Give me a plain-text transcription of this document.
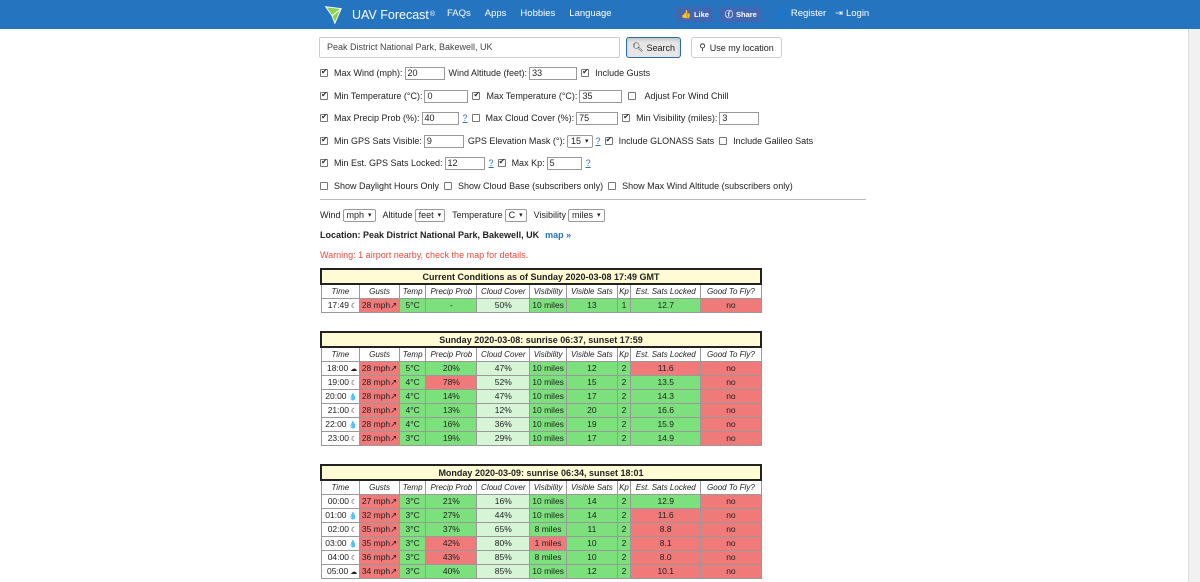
UAV Forecast ® FAQs Apps Hobbies Language	👍 Like ⓕ Share 👤 Register ⇥ Login
Peak District National Park, Bakewell, UK	🔍︎ Search	⚲ Use my location
✔
Max Wind (mph): 20	Wind Altitude (feet): 33 ✔	Include Gusts
✔
Min Temperature (°C): 0 ✔	Max Temperature (°C): 35	Adjust For Wind Chill
✔
Max Precip Prob (%): 40	? Max Cloud Cover (%): 75 ✔	Min Visibility (miles): 3
✔
Min GPS Sats Visible: 9	GPS Elevation Mask (°): 15 ▾	? ✔ Include GLONASS Sats Include Galileo Sats
✔
Min Est. GPS Sats Locked: 12	? ✔ Max Kp: 5	?
Show Daylight Hours Only Show Cloud Base (subscribers only) Show Max Wind Altitude (subscribers only)
Wind mph ▾	Altitude feet ▾	Temperature C ▾	Visibility miles ▾
Location: Peak District National Park, Bakewell, UK map »
Warning: 1 airport nearby, check the map for details.
Current Conditions as of Sunday 2020-03-08 17:49 GMT									
Time	Gusts	Temp	Precip Prob	Cloud Cover	Visibility	Visible Sats	Kp	Est. Sats Locked	Good To Fly?
17:49 ☾	28 mph↗	5°C	-	50%	10 miles	13	1	12.7	no
Sunday 2020-03-08: sunrise 06:37, sunset 17:59									
Time	Gusts	Temp	Precip Prob	Cloud Cover	Visibility	Visible Sats	Kp	Est. Sats Locked	Good To Fly?
18:00 ☁	28 mph↗	5°C	20%	47%	10 miles	12	2	11.6	no
19:00 ☾	28 mph↗	4°C	78%	52%	10 miles	15	2	13.5	no
20:00 💧	28 mph↗	4°C	14%	47%	10 miles	17	2	14.3	no
21:00 ☾	28 mph↗	4°C	13%	12%	10 miles	20	2	16.6	no
22:00 💧	28 mph↗	4°C	16%	36%	10 miles	19	2	15.9	no
23:00 ☾	28 mph↗	3°C	19%	29%	10 miles	17	2	14.9	no
Monday 2020-03-09: sunrise 06:34, sunset 18:01									
Time	Gusts	Temp	Precip Prob	Cloud Cover	Visibility	Visible Sats	Kp	Est. Sats Locked	Good To Fly?
00:00 ☾	27 mph↗	3°C	21%	16%	10 miles	14	2	12.9	no
01:00 💧	32 mph↗	3°C	27%	44%	10 miles	14	2	11.6	no
02:00 ☾	35 mph↗	3°C	37%	65%	8 miles	11	2	8.8	no
03:00 💧	35 mph↗	3°C	42%	80%	1 miles	10	2	8.1	no
04:00 ☾	36 mph↗	3°C	43%	85%	8 miles	10	2	8.0	no
05:00 ☁	34 mph↗	3°C	40%	85%	10 miles	12	2	10.1	no
